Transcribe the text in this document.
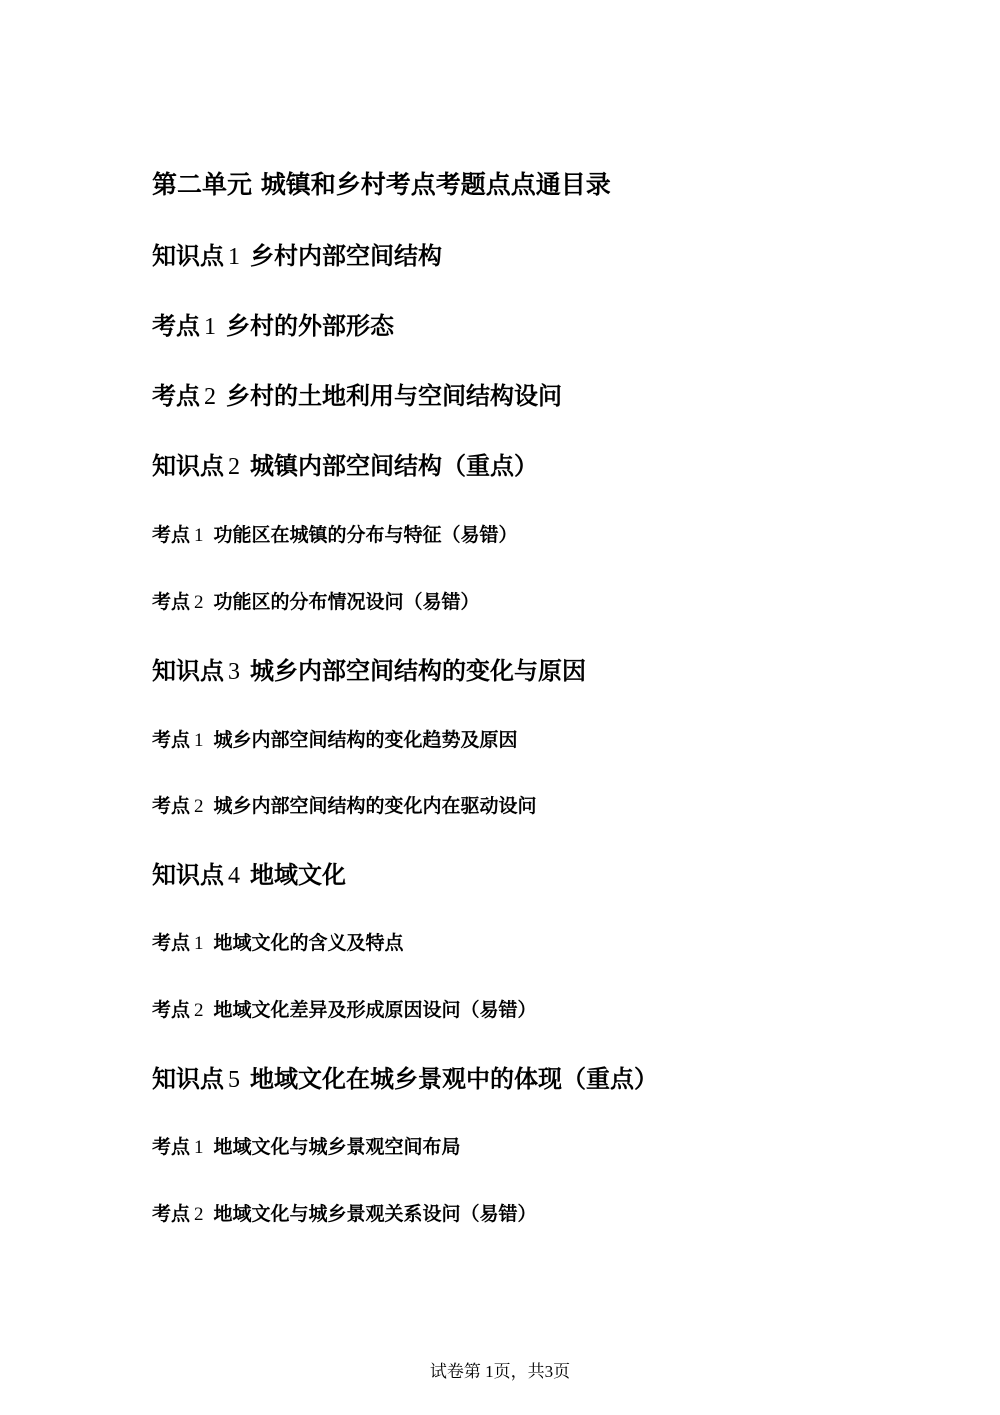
第二单元 城镇和乡村考点考题点点通目录
知识点 1 乡村内部空间结构
考点 1 乡村的外部形态
考点 2 乡村的土地利用与空间结构设问
知识点 2 城镇内部空间结构（重点）
考点 1 功能区在城镇的分布与特征（易错）
考点 2 功能区的分布情况设问（易错）
知识点 3 城乡内部空间结构的变化与原因
考点 1 城乡内部空间结构的变化趋势及原因
考点 2 城乡内部空间结构的变化内在驱动设问
知识点 4 地域文化
考点 1 地域文化的含义及特点
考点 2 地域文化差异及形成原因设问（易错）
知识点 5 地域文化在城乡景观中的体现（重点）
考点 1 地域文化与城乡景观空间布局
考点 2 地域文化与城乡景观关系设问（易错）
试卷第 1页，共3页
